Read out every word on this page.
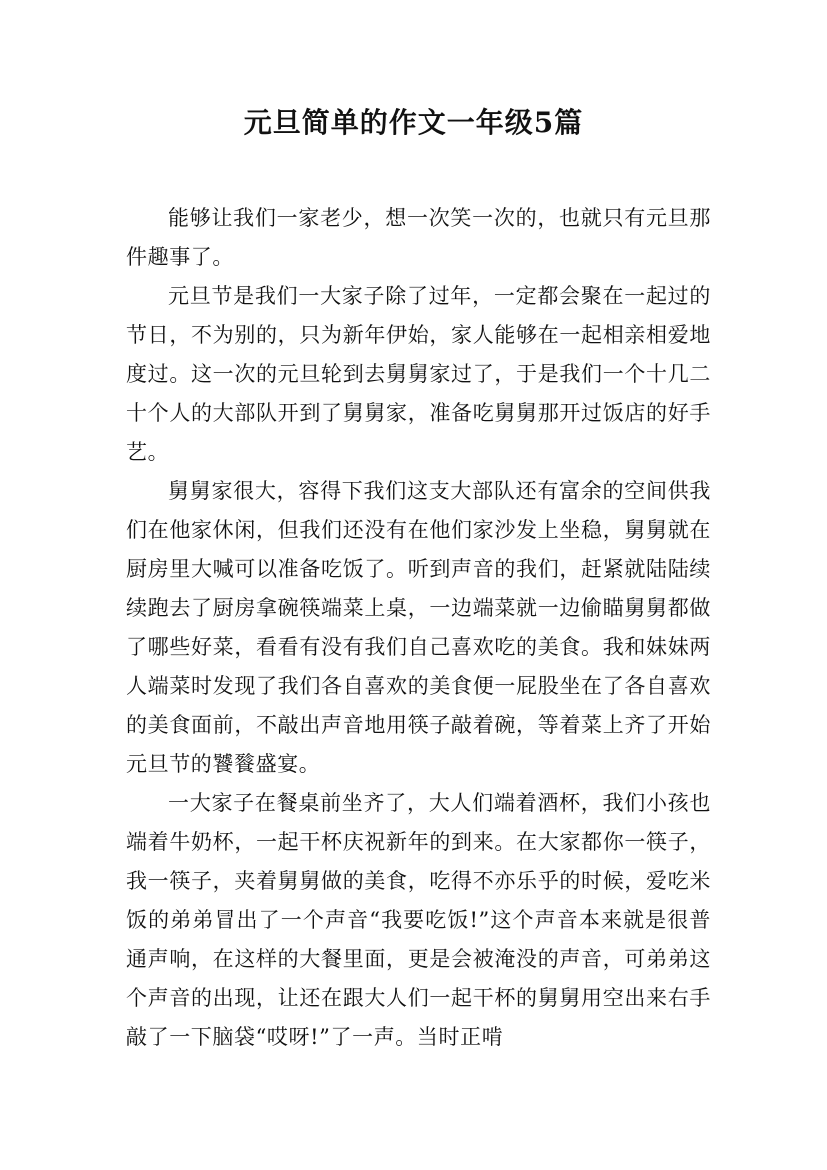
元旦简单的作文一年级5篇

能够让我们一家老少，想一次笑一次的，也就只有元旦那件趣事了。

元旦节是我们一大家子除了过年，一定都会聚在一起过的节日，不为别的，只为新年伊始，家人能够在一起相亲相爱地度过。这一次的元旦轮到去舅舅家过了，于是我们一个十几二十个人的大部队开到了舅舅家，准备吃舅舅那开过饭店的好手艺。

舅舅家很大，容得下我们这支大部队还有富余的空间供我们在他家休闲，但我们还没有在他们家沙发上坐稳，舅舅就在厨房里大喊可以准备吃饭了。听到声音的我们，赶紧就陆陆续续跑去了厨房拿碗筷端菜上桌，一边端菜就一边偷瞄舅舅都做了哪些好菜，看看有没有我们自己喜欢吃的美食。我和妹妹两人端菜时发现了我们各自喜欢的美食便一屁股坐在了各自喜欢的美食面前，不敲出声音地用筷子敲着碗，等着菜上齐了开始元旦节的饕餮盛宴。

一大家子在餐桌前坐齐了，大人们端着酒杯，我们小孩也端着牛奶杯，一起干杯庆祝新年的到来。在大家都你一筷子，我一筷子，夹着舅舅做的美食，吃得不亦乐乎的时候，爱吃米饭的弟弟冒出了一个声音“我要吃饭!”这个声音本来就是很普通声响，在这样的大餐里面，更是会被淹没的声音，可弟弟这个声音的出现，让还在跟大人们一起干杯的舅舅用空出来右手敲了一下脑袋“哎呀!”了一声。当时正啃
